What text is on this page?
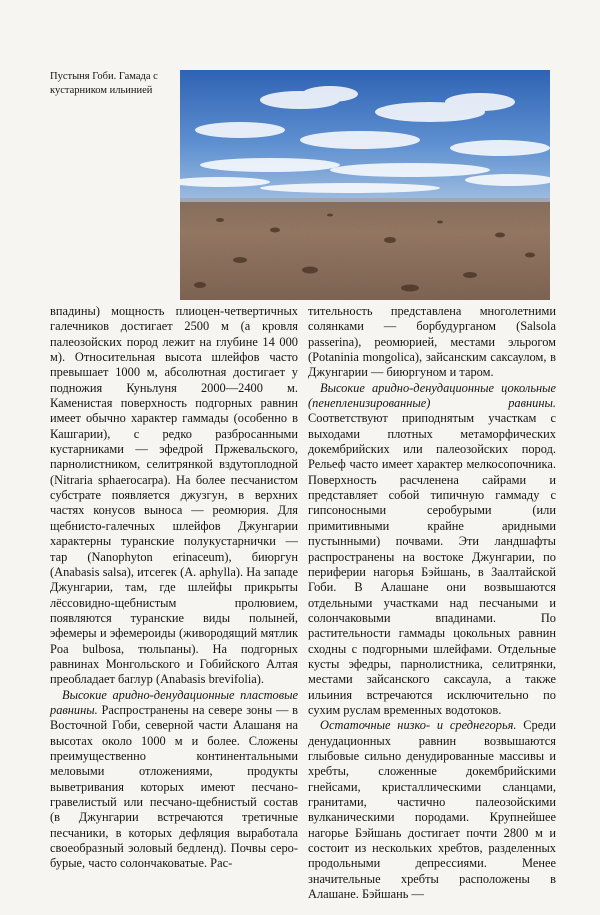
Пустыня Гоби. Гамада с кустарником ильинией

впадины) мощность плиоцен-четвертичных галечников достигает 2500 м (а кровля палеозойских пород лежит на глубине 14 000 м). Относительная высота шлейфов часто превышает 1000 м, абсолютная достигает у подножия Куньлуня 2000—2400 м. Каменистая поверхность подгорных равнин имеет обычно характер гаммады (особенно в Кашгарии), с редко разбросанными кустарниками — эфедрой Пржевальского, парнолистником, селитрянкой вздутоплодной (Nitraria sphaerocarpa). На более песчанистом субстрате появляется джузгун, в верхних частях конусов выноса — реомюрия. Для щебнисто-галечных шлейфов Джунгарии характерны туранские полукустарнички — тар (Nanophyton erinaceum), биюргун (Anabasis salsa), итсегек (A. aphylla). На западе Джунгарии, там, где шлейфы прикрыты лёссовидно-щебнистым пролювием, появляются туранские виды полыней, эфемеры и эфемероиды (живородящий мятлик Poa bulbosa, тюльпаны). На подгорных равнинах Монгольского и Гобийского Алтая преобладает баглур (Anabasis brevifolia).

Высокие аридно-денудационные пластовые равнины. Распространены на севере зоны — в Восточной Гоби, северной части Алашаня на высотах около 1000 м и более. Сложены преимущественно континентальными меловыми отложениями, продукты выветривания которых имеют песчано-гравелистый или песчано-щебнистый состав (в Джунгарии встречаются третичные песчаники, в которых дефляция выработала своеобразный эоловый бедленд). Почвы серо-бурые, часто солончаковатые. Рас-

тительность представлена многолетними солянками — борбудурганом (Salsola passerina), реомюрией, местами эльрогом (Potaninia mongolica), зайсанским саксаулом, в Джунгарии — биюргуном и таром.

Высокие аридно-денудационные цокольные (пенепленизированные) равнины. Соответствуют приподнятым участкам с выходами плотных метаморфических докембрийских или палеозойских пород. Рельеф часто имеет характер мелкосопочника. Поверхность расчленена сайрами и представляет собой типичную гаммаду с гипсоносными серобурыми (или примитивными крайне аридными пустынными) почвами. Эти ландшафты распространены на востоке Джунгарии, по периферии нагорья Бэйшань, в Заалтайской Гоби. В Алашане они возвышаются отдельными участками над песчаными и солончаковыми впадинами. По растительности гаммады цокольных равнин сходны с подгорными шлейфами. Отдельные кусты эфедры, парнолистника, селитрянки, местами зайсанского саксаула, а также ильиния встречаются исключительно по сухим руслам временных водотоков.

Остаточные низко- и среднегорья. Среди денудационных равнин возвышаются глыбовые сильно денудированные массивы и хребты, сложенные докембрийскими гнейсами, кристаллическими сланцами, гранитами, частично палеозойскими вулканическими породами. Крупнейшее нагорье Бэйшань достигает почти 2800 м и состоит из нескольких хребтов, разделенных продольными депрессиями. Менее значительные хребты расположены в Алашане. Бэйшань —
